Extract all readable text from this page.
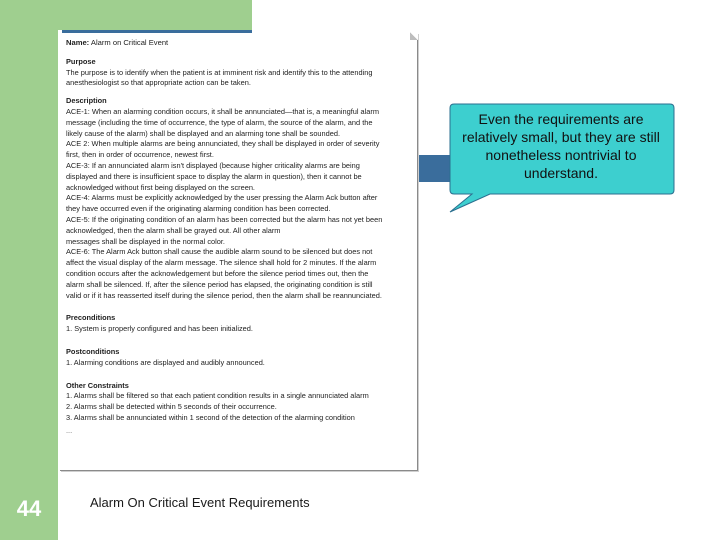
Name: Alarm on Critical Event
Purpose
The purpose is to identify when the patient is at imminent risk and identify this to the attending
anesthesiologist so that appropriate action can be taken.
Description
ACE-1: When an alarming condition occurs, it shall be annunciated—that is, a meaningful alarm
message (including the time of occurrence, the type of alarm, the source of the alarm, and the
likely cause of the alarm) shall be displayed and an alarming tone shall be sounded.
ACE 2: When multiple alarms are being annunciated, they shall be displayed in order of severity
first, then in order of occurrence, newest first.
ACE-3: If an annunciated alarm isn't displayed (because higher criticality alarms are being
displayed and there is insufficient space to display the alarm in question), then it cannot be
acknowledged without first being displayed on the screen.
ACE-4: Alarms must be explicitly acknowledged by the user pressing the Alarm Ack button after
they have occurred even if the originating alarming condition has been corrected.
ACE-5: If the originating condition of an alarm has been corrected but the alarm has not yet been
acknowledged, then the alarm shall be grayed out. All other alarm
messages shall be displayed in the normal color.
ACE-6: The Alarm Ack button shall cause the audible alarm sound to be silenced but does not
affect the visual display of the alarm message. The silence shall hold for 2 minutes. If the alarm
condition occurs after the acknowledgement but before the silence period times out, then the
alarm shall be silenced. If, after the silence period has elapsed, the originating condition is still
valid or if it has reasserted itself during the silence period, then the alarm shall be reannunciated.
Preconditions
1. System is properly configured and has been initialized.
Postconditions
1. Alarming conditions are displayed and audibly announced.
Other Constraints
1. Alarms shall be filtered so that each patient condition results in a single annunciated alarm
2. Alarms shall be detected within 5 seconds of their occurrence.
3. Alarms shall be annunciated within 1 second of the detection of the alarming condition
...
Even the requirements are relatively small, but they are still nonetheless nontrivial to understand.
44	Alarm On Critical Event Requirements
